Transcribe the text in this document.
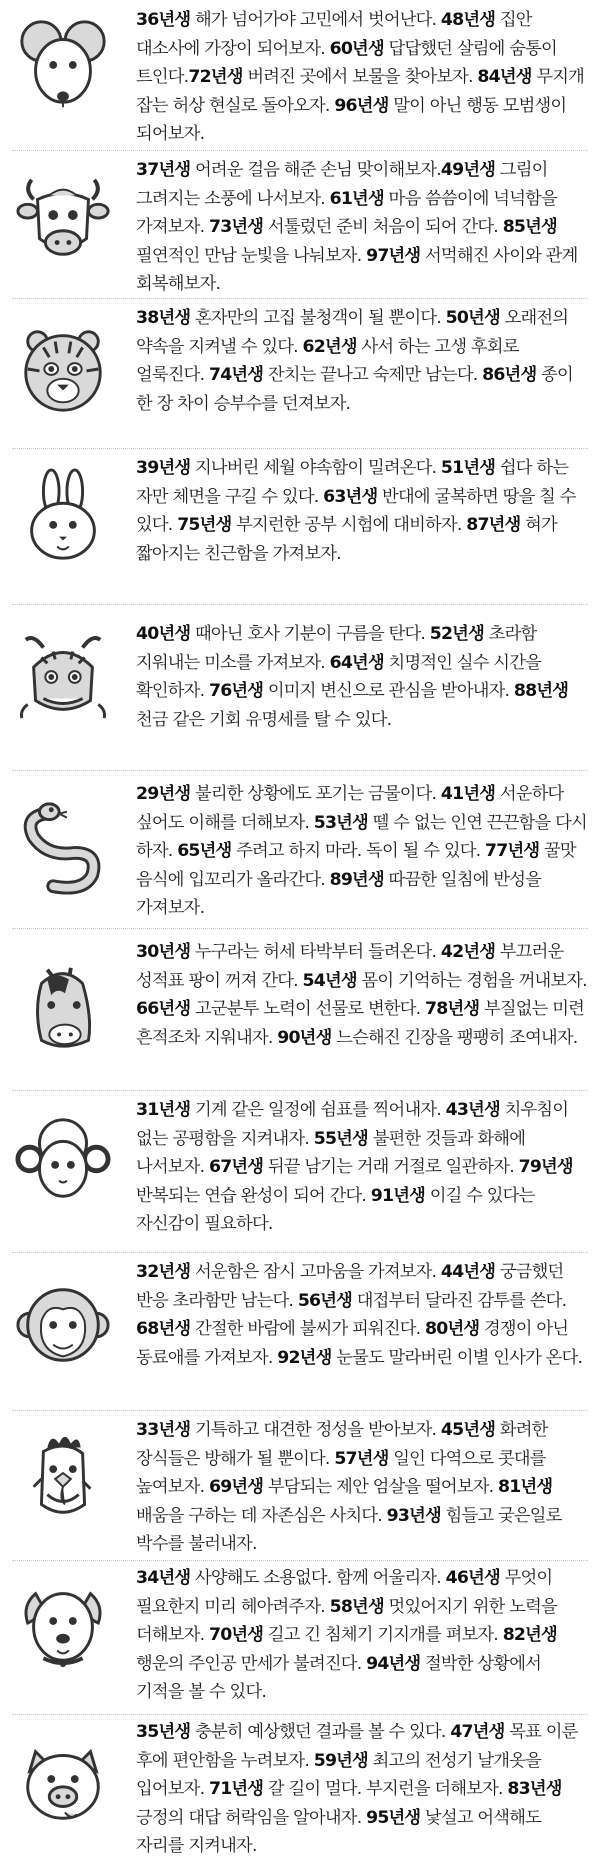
36년생 해가 넘어가야 고민에서 벗어난다. 48년생 집안 대소사에 가장이 되어보자. 60년생 답답했던 살림에 숨통이 트인다.72년생 버려진 곳에서 보물을 찾아보자. 84년생 무지개 잡는 허상 현실로 돌아오자. 96년생 말이 아닌 행동 모범생이 되어보자.
37년생 어려운 걸음 해준 손님 맞이해보자.49년생 그림이 그려지는 소풍에 나서보자. 61년생 마음 씀씀이에 넉넉함을 가져보자. 73년생 서툴렀던 준비 처음이 되어 간다. 85년생 필연적인 만남 눈빛을 나눠보자. 97년생 서먹해진 사이와 관계 회복해보자.
38년생 혼자만의 고집 불청객이 될 뿐이다. 50년생 오래전의 약속을 지켜낼 수 있다. 62년생 사서 하는 고생 후회로 얼룩진다. 74년생 잔치는 끝나고 숙제만 남는다. 86년생 종이 한 장 차이 승부수를 던져보자.
39년생 지나버린 세월 야속함이 밀려온다. 51년생 쉽다 하는 자만 체면을 구길 수 있다. 63년생 반대에 굴복하면 땅을 칠 수 있다. 75년생 부지런한 공부 시험에 대비하자. 87년생 혀가 짧아지는 친근함을 가져보자.
40년생 때아닌 호사 기분이 구름을 탄다. 52년생 초라함 지워내는 미소를 가져보자. 64년생 치명적인 실수 시간을 확인하자. 76년생 이미지 변신으로 관심을 받아내자. 88년생 천금 같은 기회 유명세를 탈 수 있다.
29년생 불리한 상황에도 포기는 금물이다. 41년생 서운하다 싶어도 이해를 더해보자. 53년생 뗄 수 없는 인연 끈끈함을 다시 하자. 65년생 주려고 하지 마라. 독이 될 수 있다. 77년생 꿀맛 음식에 입꼬리가 올라간다. 89년생 따끔한 일침에 반성을 가져보자.
30년생 누구라는 허세 타박부터 들려온다. 42년생 부끄러운 성적표 팡이 꺼져 간다. 54년생 몸이 기억하는 경험을 꺼내보자. 66년생 고군분투 노력이 선물로 변한다. 78년생 부질없는 미련 흔적조차 지워내자. 90년생 느슨해진 긴장을 팽팽히 조여내자.
31년생 기계 같은 일정에 쉼표를 찍어내자. 43년생 치우침이 없는 공평함을 지켜내자. 55년생 불편한 것들과 화해에 나서보자. 67년생 뒤끝 남기는 거래 거절로 일관하자. 79년생 반복되는 연습 완성이 되어 간다. 91년생 이길 수 있다는 자신감이 필요하다.
32년생 서운함은 잠시 고마움을 가져보자. 44년생 궁금했던 반응 초라함만 남는다. 56년생 대접부터 달라진 감투를 쓴다. 68년생 간절한 바람에 불씨가 피워진다. 80년생 경쟁이 아닌 동료애를 가져보자. 92년생 눈물도 말라버린 이별 인사가 온다.
33년생 기특하고 대견한 정성을 받아보자. 45년생 화려한 장식들은 방해가 될 뿐이다. 57년생 일인 다역으로 콧대를 높여보자. 69년생 부담되는 제안 엄살을 떨어보자. 81년생 배움을 구하는 데 자존심은 사치다. 93년생 힘들고 궂은일로 박수를 불러내자.
34년생 사양해도 소용없다. 함께 어울리자. 46년생 무엇이 필요한지 미리 헤아려주자. 58년생 멋있어지기 위한 노력을 더해보자. 70년생 길고 긴 침체기 기지개를 펴보자. 82년생 행운의 주인공 만세가 불려진다. 94년생 절박한 상황에서 기적을 볼 수 있다.
35년생 충분히 예상했던 결과를 볼 수 있다. 47년생 목표 이룬 후에 편안함을 누려보자. 59년생 최고의 전성기 날개옷을 입어보자. 71년생 갈 길이 멀다. 부지런을 더해보자. 83년생 긍정의 대답 허락임을 알아내자. 95년생 낯설고 어색해도 자리를 지켜내자.
